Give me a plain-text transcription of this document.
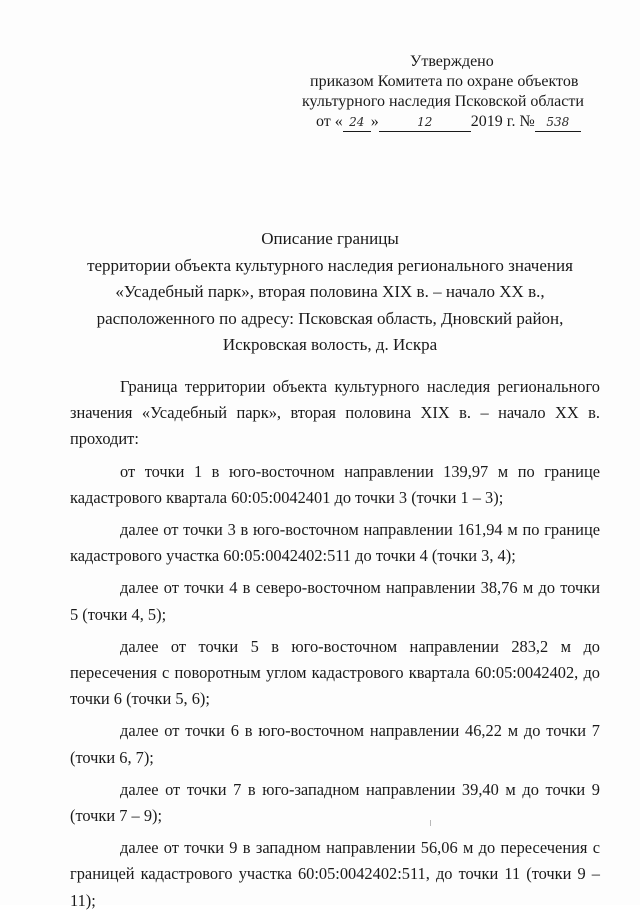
Утверждено
приказом Комитета по охране объектов
культурного наследия Псковской области
от « 24 »	12 2019 г. № 538
Описание границы
территории объекта культурного наследия регионального значения
«Усадебный парк», вторая половина XIX в. – начало XX в.,
расположенного по адресу: Псковская область, Дновский район,
Искровская волость, д. Искра

Граница территории объекта культурного наследия регионального значения «Усадебный парк», вторая половина XIX в. – начало XX в. проходит:

от точки 1 в юго-восточном направлении 139,97 м по границе кадастрового квартала 60:05:0042401 до точки 3 (точки 1 – 3);

далее от точки 3 в юго-восточном направлении 161,94 м по границе кадастрового участка 60:05:0042402:511 до точки 4 (точки 3, 4);

далее от точки 4 в северо-восточном направлении 38,76 м до точки 5 (точки 4, 5);

далее от точки 5 в юго-восточном направлении 283,2 м до пересечения с поворотным углом кадастрового квартала 60:05:0042402, до точки 6 (точки 5, 6);

далее от точки 6 в юго-восточном направлении 46,22 м до точки 7 (точки 6, 7);

далее от точки 7 в юго-западном направлении 39,40 м до точки 9 (точки 7 – 9);

далее от точки 9 в западном направлении 56,06 м до пересечения с границей кадастрового участка 60:05:0042402:511, до точки 11 (точки 9 – 11);
